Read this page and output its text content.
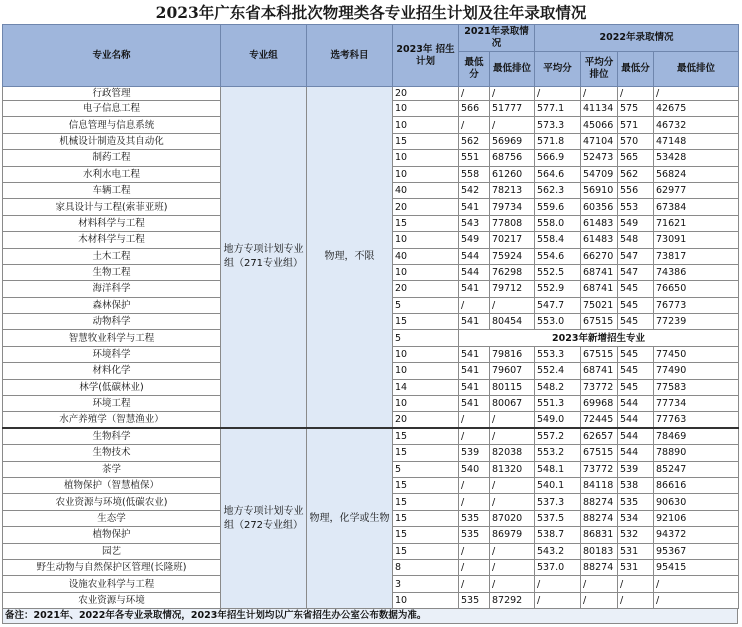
2023年广东省本科批次物理类各专业招生计划及往年录取情况
专业名称	专业组	选考科目	2023年 招生计划	2021年录取情况		2022年录取情况			
				最低分	最低排位	平均分	平均分排位	最低分	最低排位
行政管理	地方专项计划专业组（271专业组）	物理，不限	20	/	/	/	/	/	/
电子信息工程			10	566	51777	577.1	41134	575	42675
信息管理与信息系统			10	/	/	573.3	45066	571	46732
机械设计制造及其自动化			15	562	56969	571.8	47104	570	47148
制药工程			10	551	68756	566.9	52473	565	53428
水利水电工程			10	558	61260	564.6	54709	562	56824
车辆工程			40	542	78213	562.3	56910	556	62977
家具设计与工程(索菲亚班)			20	541	79734	559.6	60356	553	67384
材料科学与工程			15	543	77808	558.0	61483	549	71621
木材科学与工程			10	549	70217	558.4	61483	548	73091
土木工程			40	544	75924	554.6	66270	547	73817
生物工程			10	544	76298	552.5	68741	547	74386
海洋科学			20	541	79712	552.9	68741	545	76650
森林保护			5	/	/	547.7	75021	545	76773
动物科学			15	541	80454	553.0	67515	545	77239
智慧牧业科学与工程			5	2023年新增招生专业					
环境科学			10	541	79816	553.3	67515	545	77450
材料化学			10	541	79607	552.4	68741	545	77490
林学(低碳林业)			14	541	80115	548.2	73772	545	77583
环境工程			10	541	80067	551.3	69968	544	77734
水产养殖学（智慧渔业）			20	/	/	549.0	72445	544	77763
生物科学	地方专项计划专业组（272专业组）	物理，化学或生物	15	/	/	557.2	62657	544	78469
生物技术			15	539	82038	553.2	67515	544	78890
茶学			5	540	81320	548.1	73772	539	85247
植物保护（智慧植保）			15	/	/	540.1	84118	538	86616
农业资源与环境(低碳农业)			15	/	/	537.3	88274	535	90630
生态学			15	535	87020	537.5	88274	534	92106
植物保护			15	535	86979	538.7	86831	532	94372
园艺			15	/	/	543.2	80183	531	95367
野生动物与自然保护区管理(长隆班)			8	/	/	537.0	88274	531	95415
设施农业科学与工程			3	/	/	/	/	/	/
农业资源与环境			10	535	87292	/	/	/	/
备注：2021年、2022年各专业录取情况，2023年招生计划均以广东省招生办公室公布数据为准。
